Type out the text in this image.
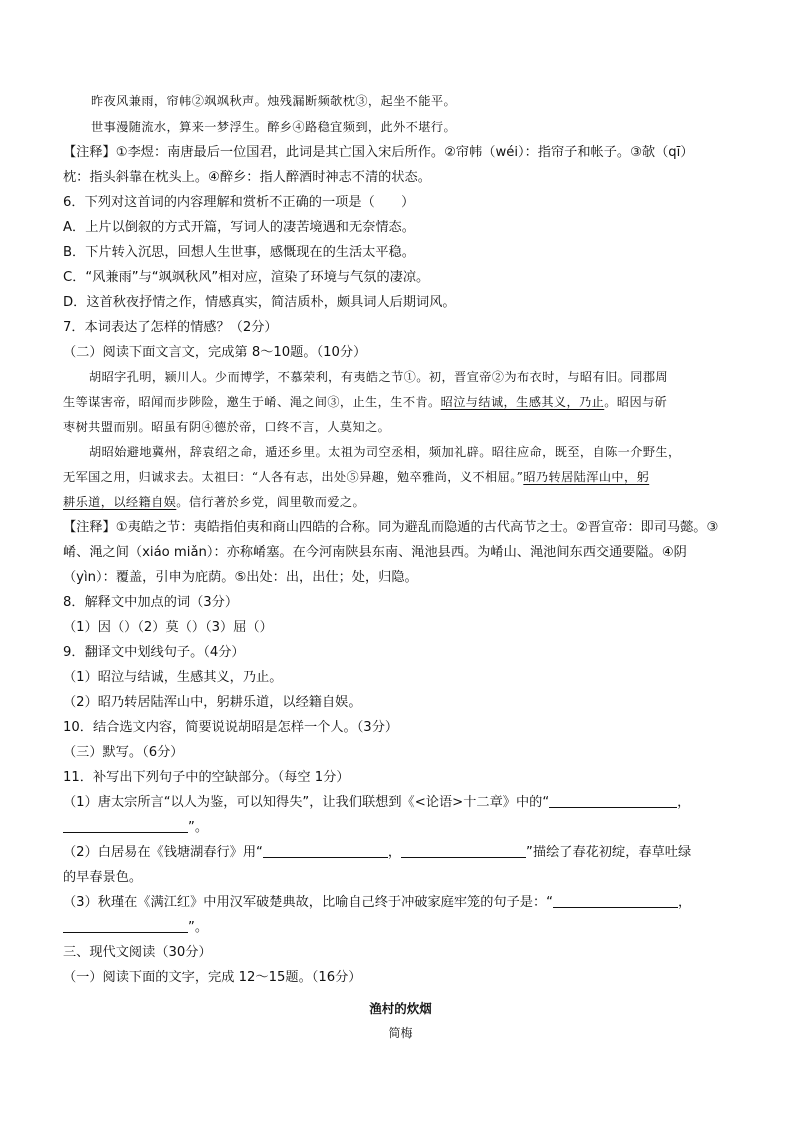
昨夜风兼雨，帘帏②飒飒秋声。烛残漏断频欹枕③，起坐不能平。
世事漫随流水，算来一梦浮生。醉乡④路稳宜频到，此外不堪行。
【注释】①李煜：南唐最后一位国君，此词是其亡国入宋后所作。②帘帏（wéi）：指帘子和帐子。③欹（qī）
枕：指头斜靠在枕头上。④醉乡：指人醉酒时神志不清的状态。
6．下列对这首词的内容理解和赏析不正确的一项是（　　）
A．上片以倒叙的方式开篇，写词人的凄苦境遇和无奈情态。
B．下片转入沉思，回想人生世事，感慨现在的生活太平稳。
C．“风兼雨”与“飒飒秋风”相对应，渲染了环境与气氛的凄凉。
D．这首秋夜抒情之作，情感真实，简洁质朴，颇具词人后期词风。
7．本词表达了怎样的情感？（2分）
（二）阅读下面文言文，完成第 8～10题。（10分）
胡昭字孔明，颍川人。少而博学，不慕荣利，有夷皓之节①。初，晋宣帝②为布衣时，与昭有旧。同郡周
生等谋害帝，昭闻而步陟险，邀生于崤、渑之间③，止生，生不肯。昭泣与结诚，生感其义，乃止。昭因与斫
枣树共盟而别。昭虽有阴④德於帝，口终不言，人莫知之。
胡昭始避地冀州，辞袁绍之命，遁还乡里。太祖为司空丞相，频加礼辟。昭往应命，既至，自陈一介野生，
无军国之用，归诚求去。太祖曰：“人各有志，出处⑤异趣，勉卒雅尚，义不相屈。”昭乃转居陆浑山中，躬
耕乐道，以经籍自娱。信行著於乡党，闾里敬而爱之。
【注释】①夷皓之节：夷皓指伯夷和商山四皓的合称。同为避乱而隐遁的古代高节之士。②晋宣帝：即司马懿。③
崤、渑之间（xiáo miǎn）：亦称崤塞。在今河南陕县东南、渑池县西。为崤山、渑池间东西交通要隘。④阴
（yìn）：覆盖，引申为庇荫。⑤出处：出，出仕；处，归隐。
8．解释文中加点的词（3分）
（1）因（）（2）莫（）（3）屈（）
9．翻译文中划线句子。（4分）
（1）昭泣与结诚，生感其义，乃止。
（2）昭乃转居陆浑山中，躬耕乐道，以经籍自娱。
10．结合选文内容，简要说说胡昭是怎样一个人。（3分）
（三）默写。（6分）
11．补写出下列句子中的空缺部分。（每空 1分）
（1）唐太宗所言“以人为鉴，可以知得失”，让我们联想到《<论语>十二章》中的“	，
”。
（2）白居易在《钱塘湖春行》用“	，	”描绘了春花初绽，春草吐绿
的早春景色。
（3）秋瑾在《满江红》中用汉军破楚典故，比喻自己终于冲破家庭牢笼的句子是：“	，
”。
三、现代文阅读（30分）
（一）阅读下面的文字，完成 12～15题。（16分）
渔村的炊烟
简梅
